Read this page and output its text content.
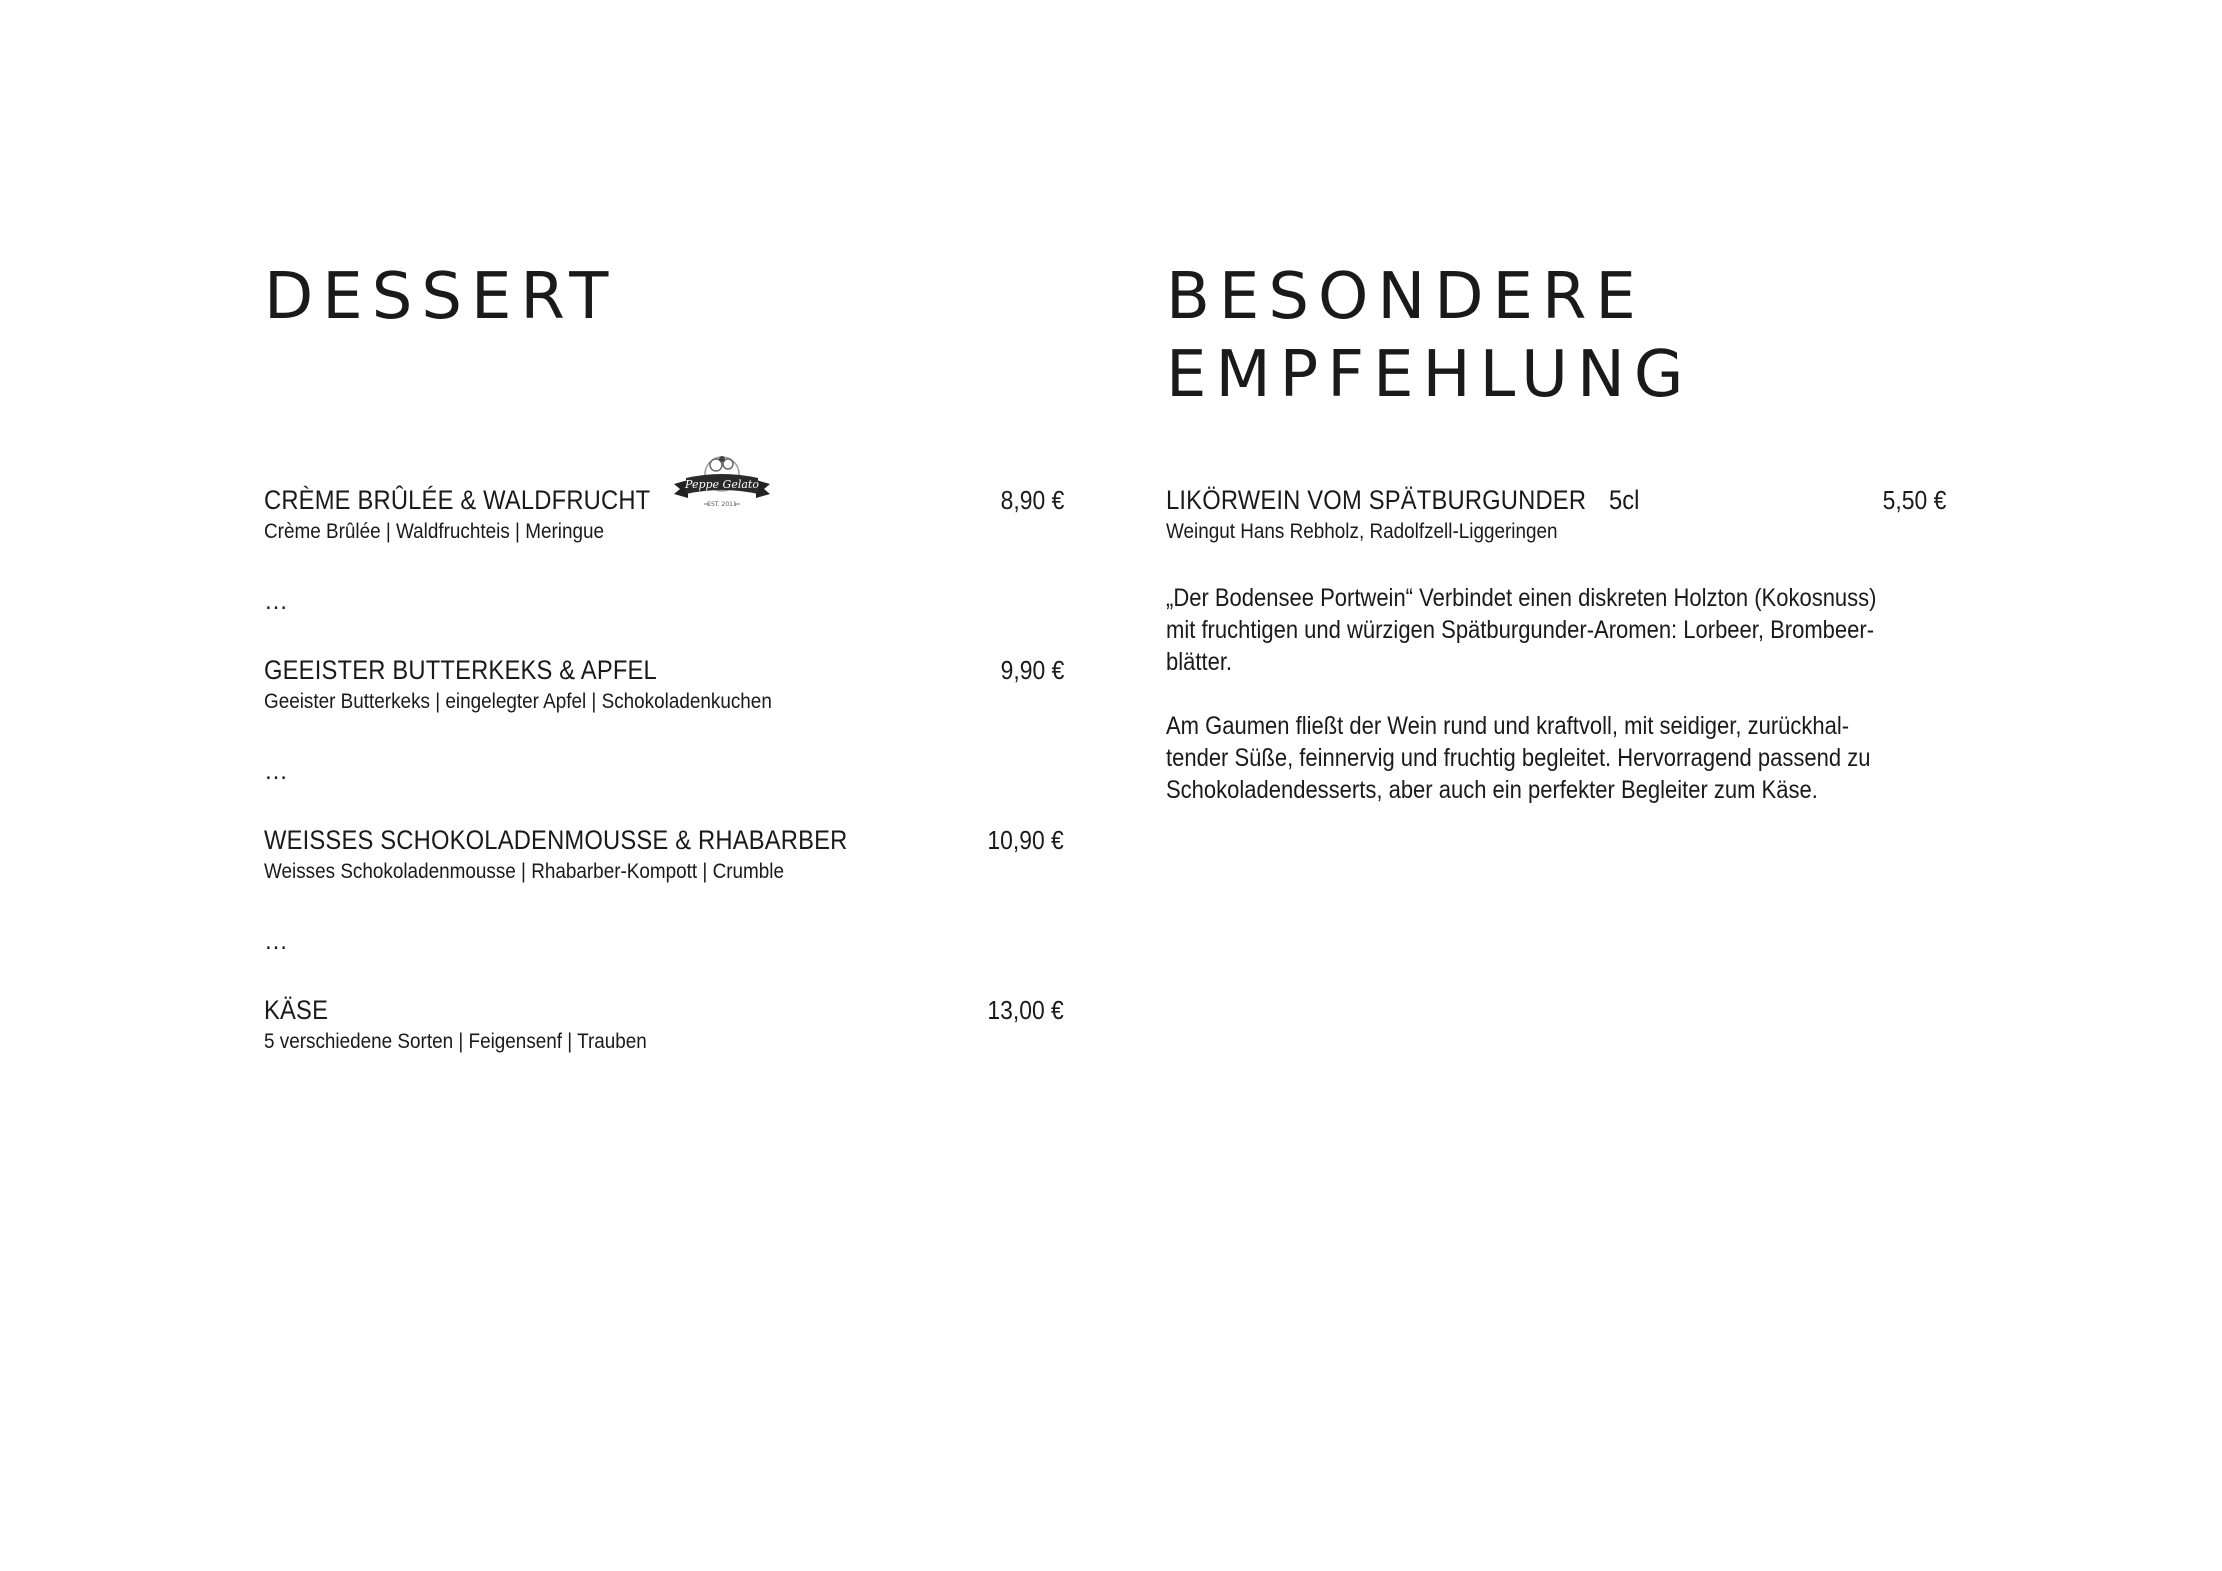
DESSERT
CRÈME BRÛLÉE & WALDFRUCHT	8,90 €
Crème Brûlée | Waldfruchteis | Meringue
Peppe Gelato
EST. 2011
…
GEEISTER BUTTERKEKS & APFEL	9,90 €
Geeister Butterkeks | eingelegter Apfel | Schokoladenkuchen
…
WEISSES SCHOKOLADENMOUSSE & RHABARBER	10,90 €
Weisses Schokoladenmousse | Rhabarber-Kompott | Crumble
…
KÄSE	13,00 €
5 verschiedene Sorten | Feigensenf | Trauben
BESONDERE
EMPFEHLUNG
LIKÖRWEIN VOM SPÄTBURGUNDER 5cl	5,50 €
Weingut Hans Rebholz, Radolfzell-Liggeringen

„Der Bodensee Portwein“ Verbindet einen diskreten Holzton (Kokosnuss)
mit fruchtigen und würzigen Spätburgunder-Aromen: Lorbeer, Brombeer-
blätter.

Am Gaumen fließt der Wein rund und kraftvoll, mit seidiger, zurückhal-
tender Süße, feinnervig und fruchtig begleitet. Hervorragend passend zu
Schokoladendesserts, aber auch ein perfekter Begleiter zum Käse.
